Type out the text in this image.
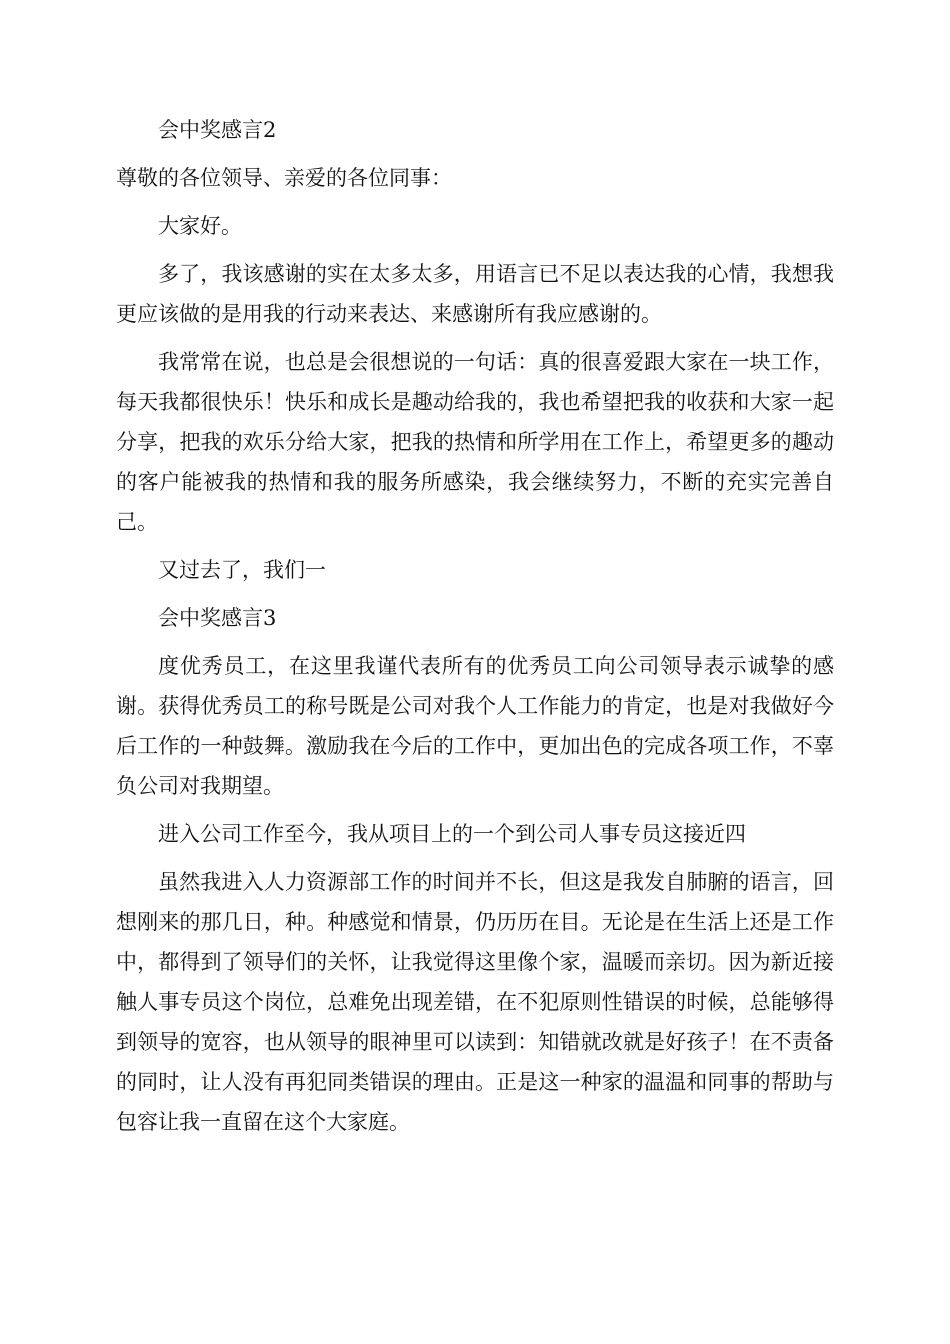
会中奖感言2

尊敬的各位领导、亲爱的各位同事：

大家好。

多了，我该感谢的实在太多太多，用语言已不足以表达我的心情，我想我更应该做的是用我的行动来表达、来感谢所有我应感谢的。

我常常在说，也总是会很想说的一句话：真的很喜爱跟大家在一块工作，每天我都很快乐！快乐和成长是趣动给我的，我也希望把我的收获和大家一起分享，把我的欢乐分给大家，把我的热情和所学用在工作上，希望更多的趣动的客户能被我的热情和我的服务所感染，我会继续努力，不断的充实完善自己。

又过去了，我们一

会中奖感言3

度优秀员工，在这里我谨代表所有的优秀员工向公司领导表示诚挚的感谢。获得优秀员工的称号既是公司对我个人工作能力的肯定，也是对我做好今后工作的一种鼓舞。激励我在今后的工作中，更加出色的完成各项工作，不辜负公司对我期望。

进入公司工作至今，我从项目上的一个到公司人事专员这接近四

虽然我进入人力资源部工作的时间并不长，但这是我发自肺腑的语言，回想刚来的那几日，种。种感觉和情景，仍历历在目。无论是在生活上还是工作中，都得到了领导们的关怀，让我觉得这里像个家，温暖而亲切。因为新近接触人事专员这个岗位，总难免出现差错，在不犯原则性错误的时候，总能够得到领导的宽容，也从领导的眼神里可以读到：知错就改就是好孩子！在不责备的同时，让人没有再犯同类错误的理由。正是这一种家的温温和同事的帮助与包容让我一直留在这个大家庭。
